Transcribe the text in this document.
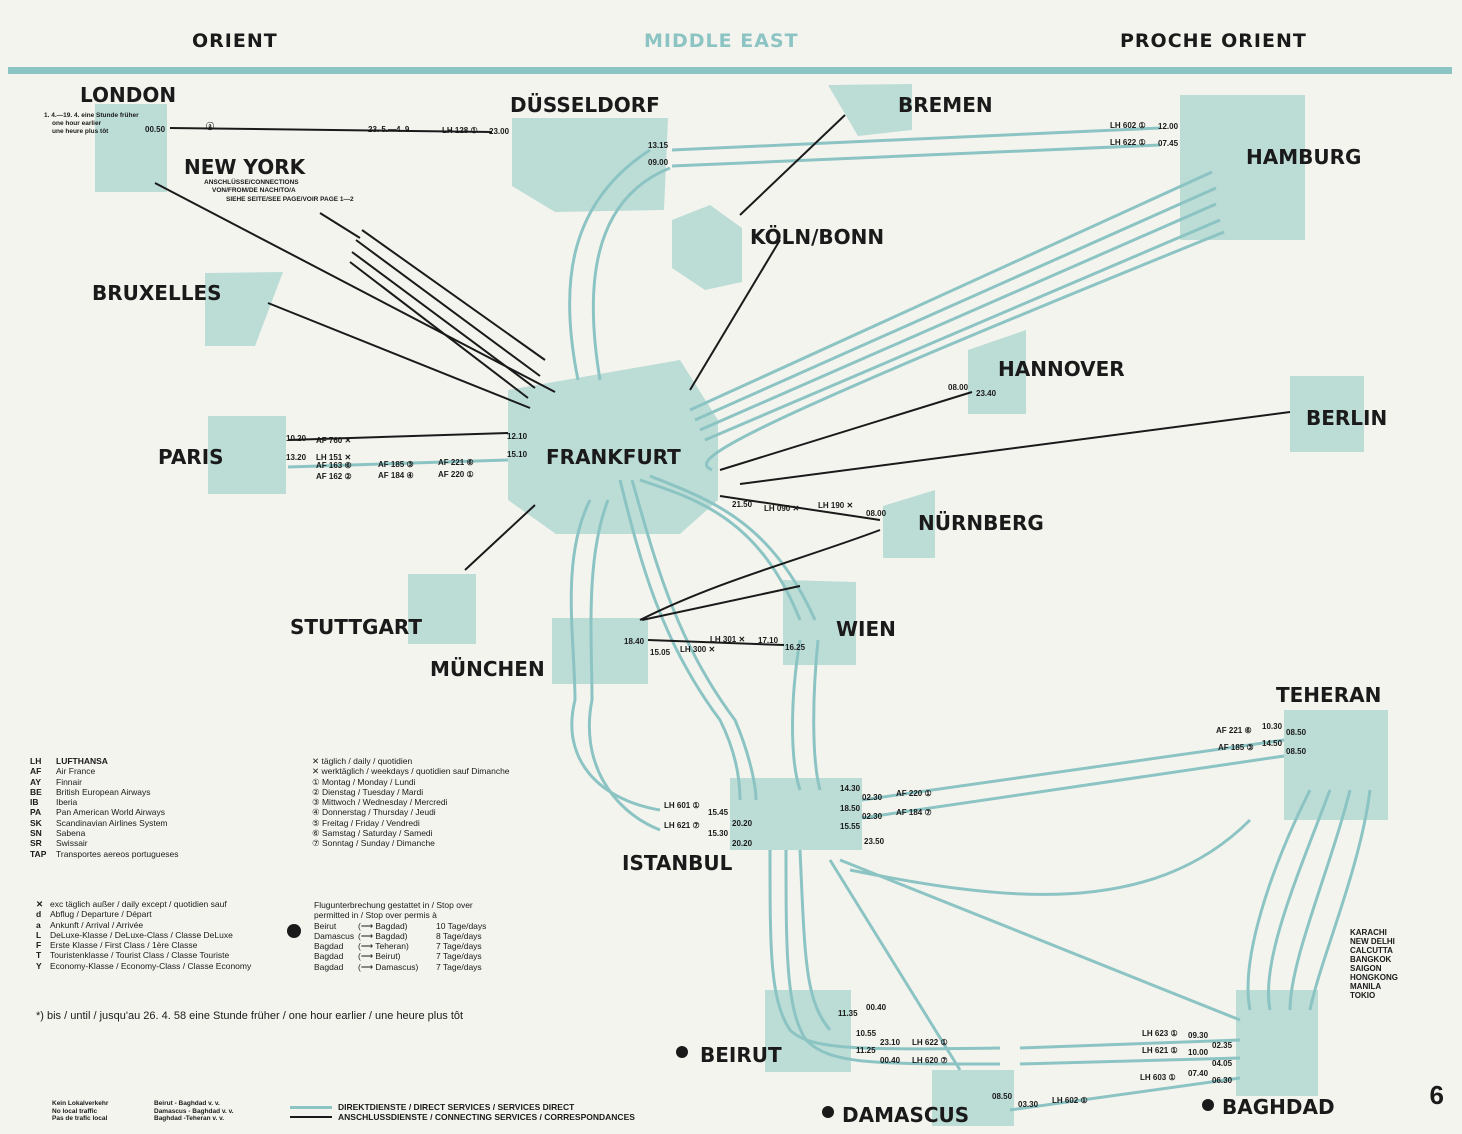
ORIENT	MIDDLE EAST	PROCHE ORIENT
LONDON	DÜSSELDORF	BREMEN
HAMBURG
NEW YORK
KÖLN/BONN
BRUXELLES
HANNOVER
BERLIN
PARIS	FRANKFURT
NÜRNBERG
STUTTGART	WIEN
MÜNCHEN
TEHERAN
ISTANBUL
BEIRUT
DAMASCUS	BAGHDAD
1. 4.—19. 4. eine Stunde früher
one hour earlier
une heure plus tôt
ANSCHLÜSSE/CONNECTIONS
VON/FROM/DE NACH/TO/A
SIEHE SEITE/SEE PAGE/VOIR PAGE 1—2
00.50	23.00
LH 128 ①
23. 5.—4. 9.
ⓐ
13.15
09.00
LH 602 ① 12.00
LH 622 ① 07.45
10.20 AF 760 ✕	12.10
13.20 LH 151 ✕	15.10
AF 163 ⑥	AF 185 ③	AF 221 ⑥
AF 162 ②	AF 184 ④	AF 220 ①
23.40
08.00
18.40
15.05
LH 301 ✕ 17.10
LH 300 ✕	16.25
LH 190 ✕
08.00
LH 090 ✕
21.50
AF 221 ⑥ 10.30
08.50
AF 185 ③ 14.50
08.50
LH 601 ①
15.45
20.20
LH 621 ⑦
15.30
20.20
14.30
02.30 AF 220 ①
18.50
02.30 AF 184 ⑦
15.55
23.50
10.55
23.10 LH 622 ①
11.25
00.40 LH 620 ⑦
LH 623 ① 09.30
02.35
LH 621 ① 10.00
04.05
06.30
07.40
LH 603 ①
08.50
03.30 LH 602 ①
11.35
00.40
LH LUFTHANSA
AF Air France
AY Finnair
BE British European Airways
IB Iberia
PA Pan American World Airways
SK Scandinavian Airlines System
SN Sabena
SR Swissair
TAP Transportes aereos portugueses
✕ täglich / daily / quotidien
✕ werktäglich / weekdays / quotidien sauf Dimanche
① Montag / Monday / Lundi
② Dienstag / Tuesday / Mardi
③ Mittwoch / Wednesday / Mercredi
④ Donnerstag / Thursday / Jeudi
⑤ Freitag / Friday / Vendredi
⑥ Samstag / Saturday / Samedi
⑦ Sonntag / Sunday / Dimanche
✕ exc täglich außer / daily except / quotidien sauf
d Abflug / Departure / Départ
a Ankunft / Arrival / Arrivée
L DeLuxe-Klasse / DeLuxe-Class / Classe DeLuxe
F Erste Klasse / First Class / 1ère Classe
T Touristenklasse / Tourist Class / Classe Touriste
Y Economy-Klasse / Economy-Class / Classe Economy
Flugunterbrechung gestattet in / Stop over permitted in / Stop over permis à
Beirut	(⟶ Bagdad)	10 Tage/days
Damascus (⟶ Bagdad)	8 Tage/days
Bagdad (⟶ Teheran)	7 Tage/days
Bagdad (⟶ Beirut)	7 Tage/days
Bagdad (⟶ Damascus) 7 Tage/days
KARACHI
NEW DELHI
CALCUTTA
BANGKOK
SAIGON
HONGKONG
MANILA
TOKIO
*) bis / until / jusqu'au 26. 4. 58 eine Stunde früher / one hour earlier / une heure plus tôt
Kein Lokalverkehr
No local traffic
Pas de trafic local
Beirut - Baghdad v. v.
Damascus - Baghdad v. v.
Baghdad -Teheran v. v.
DIREKTDIENSTE / DIRECT SERVICES / SERVICES DIRECT
ANSCHLUSSDIENSTE / CONNECTING SERVICES / CORRESPONDANCES
6
